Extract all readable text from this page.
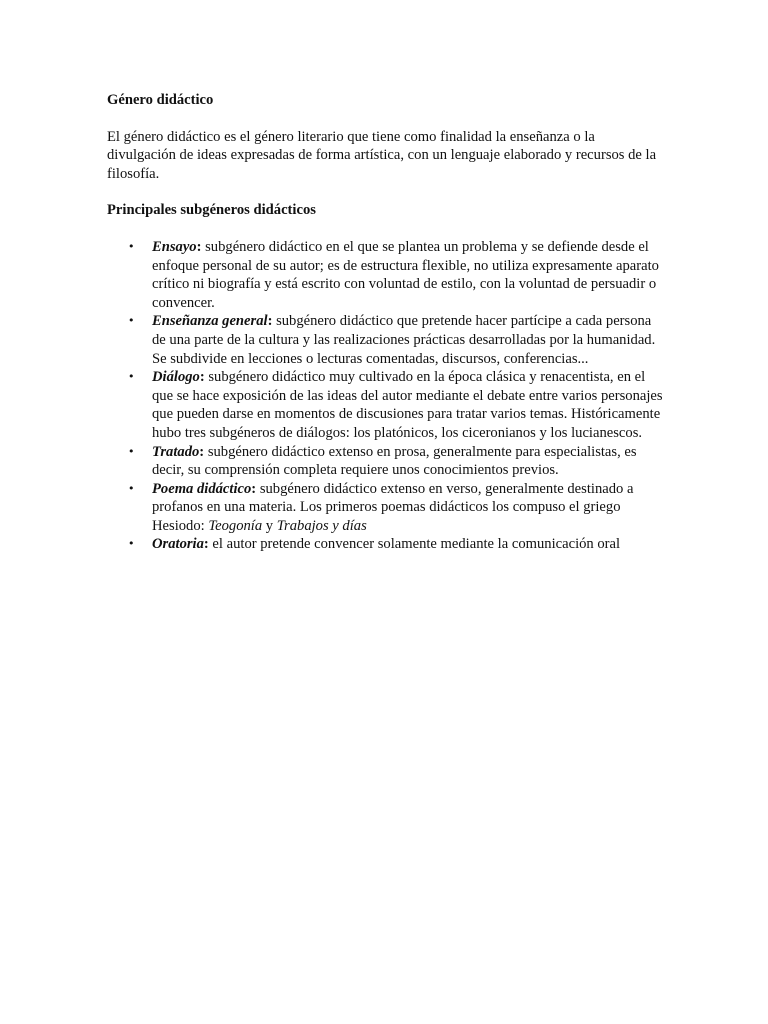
Género didáctico

El género didáctico es el género literario que tiene como finalidad la enseñanza o la divulgación de ideas expresadas de forma artística, con un lenguaje elaborado y recursos de la filosofía.

Principales subgéneros didácticos

• Ensayo: subgénero didáctico en el que se plantea un problema y se defiende desde el enfoque personal de su autor; es de estructura flexible, no utiliza expresamente aparato crítico ni biografía y está escrito con voluntad de estilo, con la voluntad de persuadir o convencer.
• Enseñanza general: subgénero didáctico que pretende hacer partícipe a cada persona de una parte de la cultura y las realizaciones prácticas desarrolladas por la humanidad. Se subdivide en lecciones o lecturas comentadas, discursos, conferencias...
• Diálogo: subgénero didáctico muy cultivado en la época clásica y renacentista, en el que se hace exposición de las ideas del autor mediante el debate entre varios personajes que pueden darse en momentos de discusiones para tratar varios temas. Históricamente hubo tres subgéneros de diálogos: los platónicos, los ciceronianos y los lucianescos.
• Tratado: subgénero didáctico extenso en prosa, generalmente para especialistas, es decir, su comprensión completa requiere unos conocimientos previos.
• Poema didáctico: subgénero didáctico extenso en verso, generalmente destinado a profanos en una materia. Los primeros poemas didácticos los compuso el griego Hesiodo: Teogonía y Trabajos y días
• Oratoria: el autor pretende convencer solamente mediante la comunicación oral
